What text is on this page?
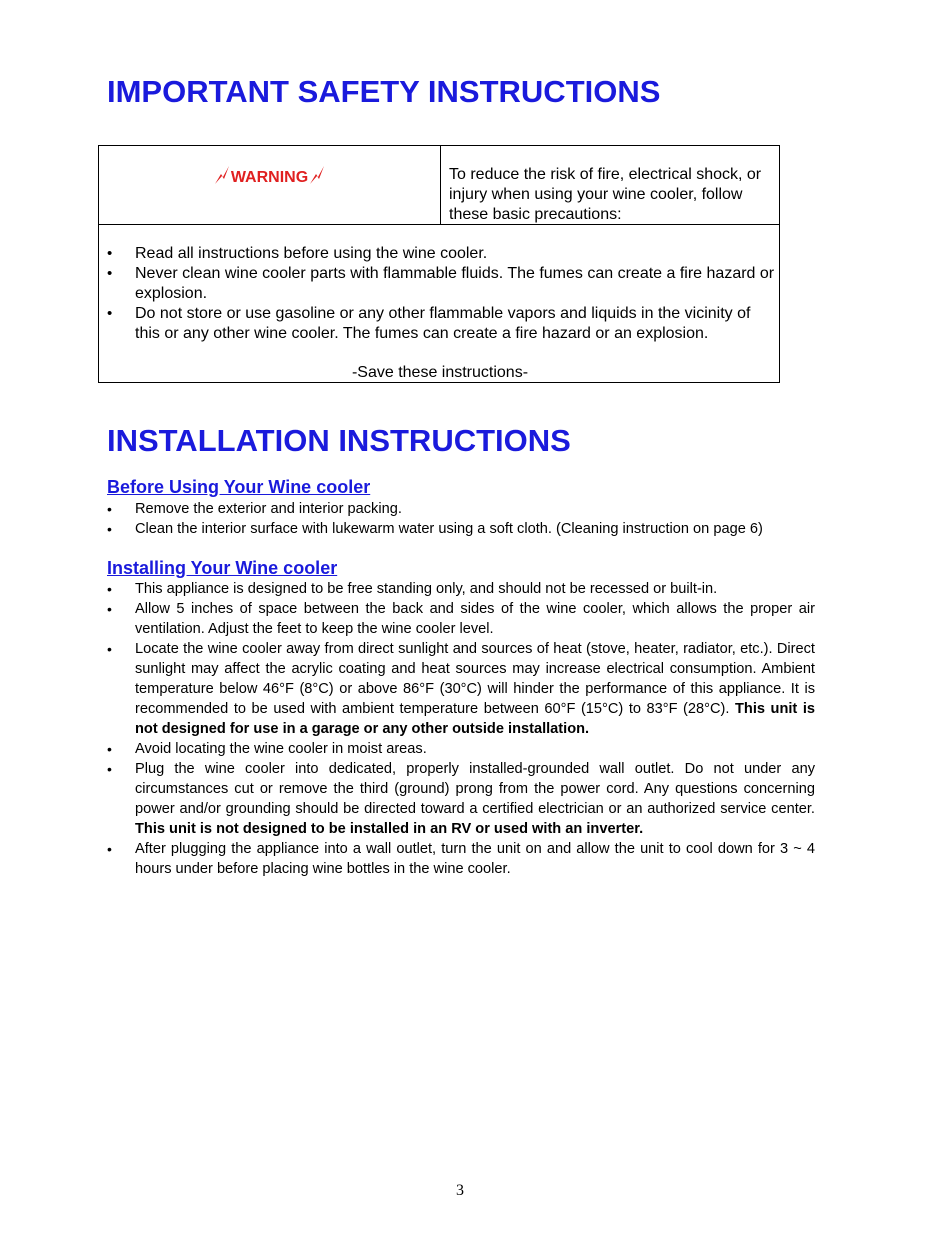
IMPORTANT SAFETY INSTRUCTIONS
WARNING	To reduce the risk of fire, electrical shock, or injury when using your wine cooler, follow these basic precautions:
• Read all instructions before using the wine cooler.
• Never clean wine cooler parts with flammable fluids. The fumes can create a fire hazard or explosion.
• Do not store or use gasoline or any other flammable vapors and liquids in the vicinity of this or any other wine cooler. The fumes can create a fire hazard or an explosion.
-Save these instructions-
INSTALLATION INSTRUCTIONS
Before Using Your Wine cooler
• Remove the exterior and interior packing.
• Clean the interior surface with lukewarm water using a soft cloth. (Cleaning instruction on page 6)
Installing Your Wine cooler
• This appliance is designed to be free standing only, and should not be recessed or built-in.
• Allow 5 inches of space between the back and sides of the wine cooler, which allows the proper air ventilation. Adjust the feet to keep the wine cooler level.
• Locate the wine cooler away from direct sunlight and sources of heat (stove, heater, radiator, etc.). Direct sunlight may affect the acrylic coating and heat sources may increase electrical consumption. Ambient temperature below 46°F (8°C) or above 86°F (30°C) will hinder the performance of this appliance. It is recommended to be used with ambient temperature between 60°F (15°C) to 83°F (28°C). This unit is not designed for use in a garage or any other outside installation.
• Avoid locating the wine cooler in moist areas.
• Plug the wine cooler into dedicated, properly installed-grounded wall outlet. Do not under any circumstances cut or remove the third (ground) prong from the power cord. Any questions concerning power and/or grounding should be directed toward a certified electrician or an authorized service center. This unit is not designed to be installed in an RV or used with an inverter.
• After plugging the appliance into a wall outlet, turn the unit on and allow the unit to cool down for 3 ~ 4 hours under before placing wine bottles in the wine cooler.
3
